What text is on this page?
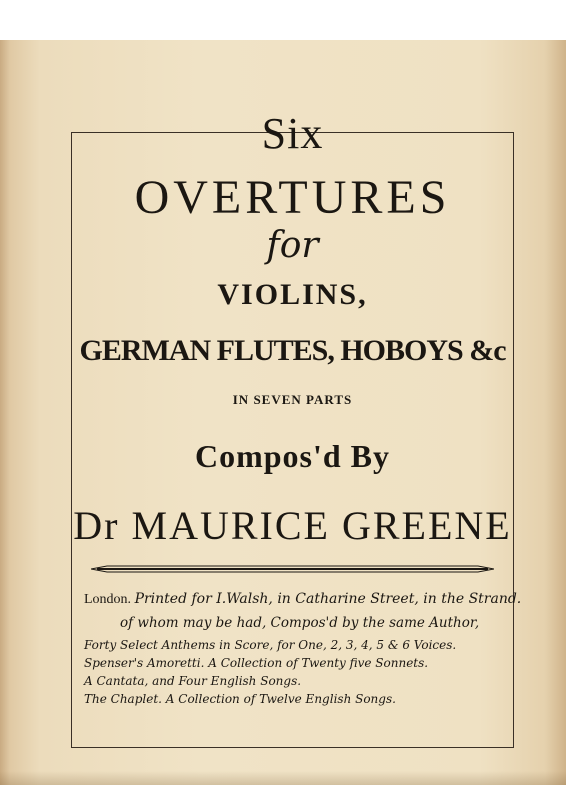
Six
OVERTURES
for
VIOLINS,
GERMAN FLUTES, HOBOYS &c
IN SEVEN PARTS
Compos'd By
Dr MAURICE GREENE
London. Printed for I.Walsh, in Catharine Street, in the Strand.
of whom may be had, Compos'd by the same Author,
Forty Select Anthems in Score, for One, 2, 3, 4, 5 & 6 Voices.
Spenser's Amoretti. A Collection of Twenty five Sonnets.
A Cantata, and Four English Songs.
The Chaplet. A Collection of Twelve English Songs.
